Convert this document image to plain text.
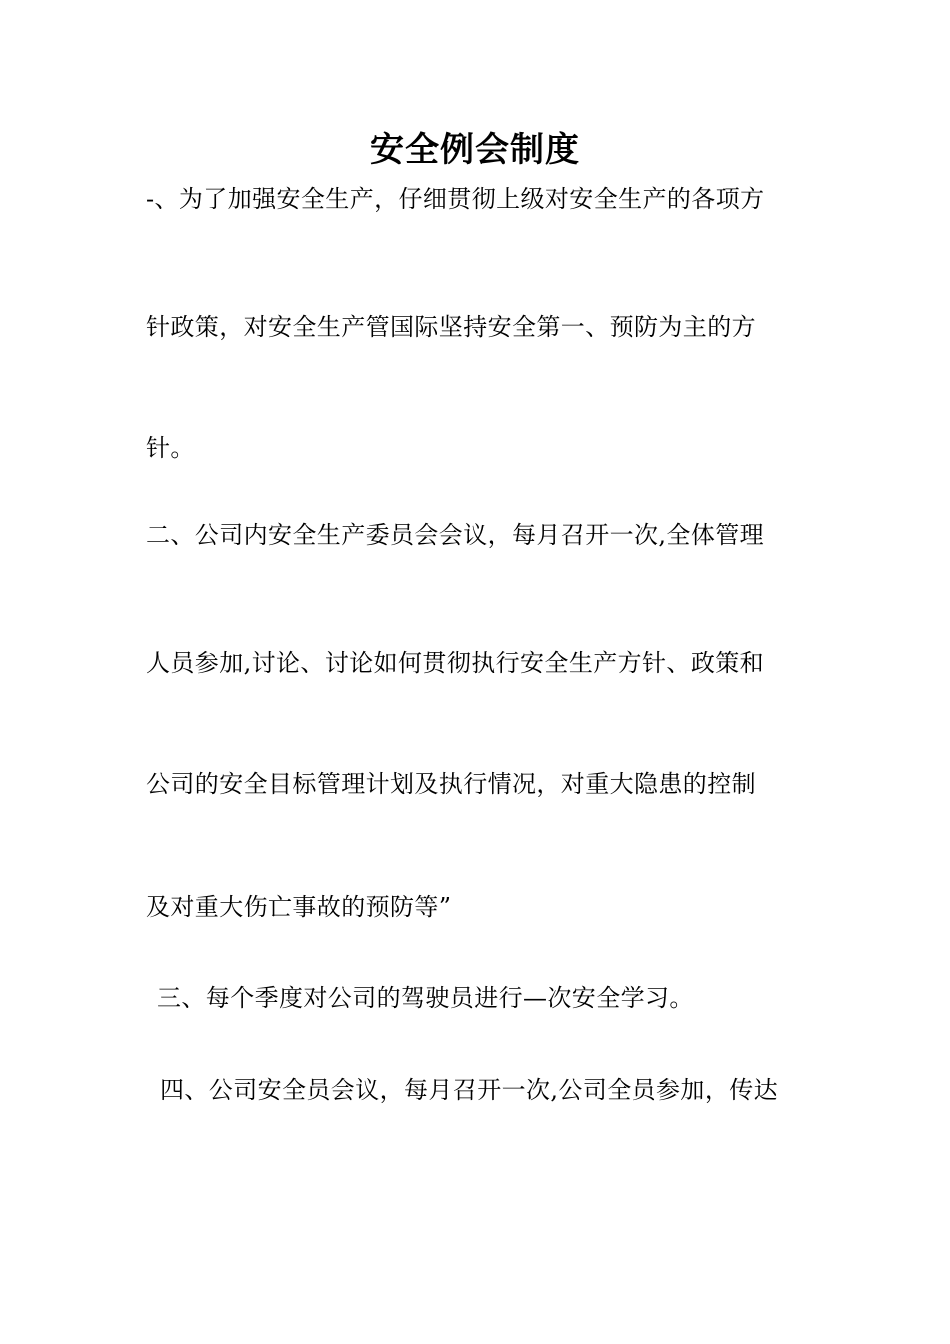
安全例会制度
-、为了加强安全生产，仔细贯彻上级对安全生产的各项方
针政策，对安全生产管国际坚持安全第一、预防为主的方
针。
二、公司内安全生产委员会会议，每月召开一次,全体管理
人员参加,讨论、讨论如何贯彻执行安全生产方针、政策和
公司的安全目标管理计划及执行情况，对重大隐患的控制
及对重大伤亡事故的预防等”
三、每个季度对公司的驾驶员进行—次安全学习。
四、公司安全员会议，每月召开一次,公司全员参加，传达
